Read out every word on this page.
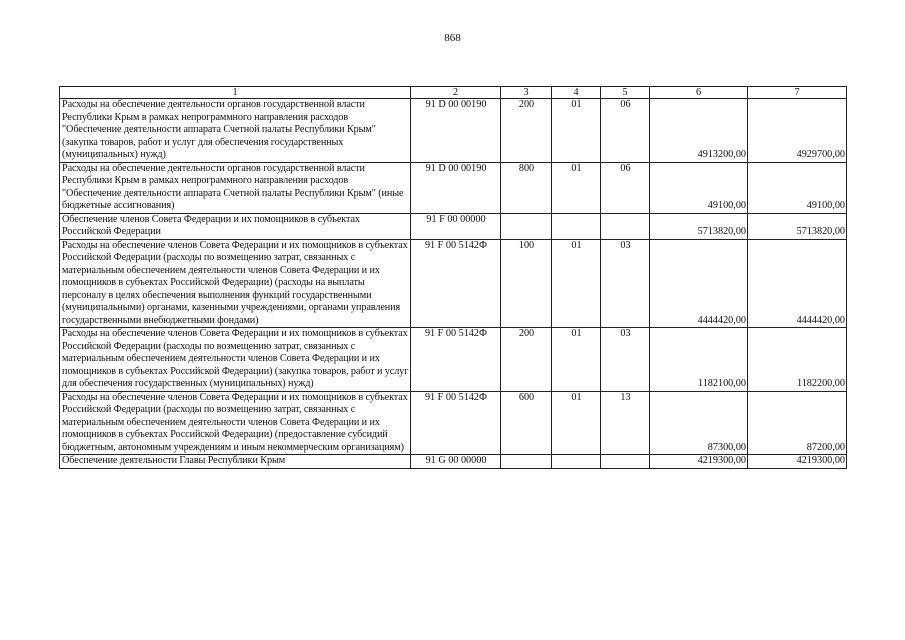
868
1	2	3	4	5	6	7
Расходы на обеспечение деятельности органов государственной власти Республики Крым в рамках непрограммного направления расходов "Обеспечение деятельности аппарата Счетной палаты Республики Крым" (закупка товаров, работ и услуг для обеспечения государственных (муниципальных) нужд)	91 D 00 00190	200	01	06	4913200,00	4929700,00
Расходы на обеспечение деятельности органов государственной власти Республики Крым в рамках непрограммного направления расходов "Обеспечение деятельности аппарата Счетной палаты Республики Крым" (иные бюджетные ассигнования)	91 D 00 00190	800	01	06	49100,00	49100,00
Обеспечение членов Совета Федерации и их помощников в субъектах Российской Федерации	91 F 00 00000				5713820,00	5713820,00
Расходы на обеспечение членов Совета Федерации и их помощников в субъектах Российской Федерации (расходы по возмещению затрат, связанных с материальным обеспечением деятельности членов Совета Федерации и их помощников в субъектах Российской Федерации) (расходы на выплаты персоналу в целях обеспечения выполнения функций государственными (муниципальными) органами, казенными учреждениями, органами управления государственными внебюджетными фондами)	91 F 00 5142Ф	100	01	03	4444420,00	4444420,00
Расходы на обеспечение членов Совета Федерации и их помощников в субъектах Российской Федерации (расходы по возмещению затрат, связанных с материальным обеспечением деятельности членов Совета Федерации и их помощников в субъектах Российской Федерации) (закупка товаров, работ и услуг для обеспечения государственных (муниципальных) нужд)	91 F 00 5142Ф	200	01	03	1182100,00	1182200,00
Расходы на обеспечение членов Совета Федерации и их помощников в субъектах Российской Федерации (расходы по возмещению затрат, связанных с материальным обеспечением деятельности членов Совета Федерации и их помощников в субъектах Российской Федерации) (предоставление субсидий бюджетным, автономным учреждениям и иным некоммерческим организациям)	91 F 00 5142Ф	600	01	13	87300,00	87200,00
Обеспечение деятельности Главы Республики Крым	91 G 00 00000				4219300,00	4219300,00
